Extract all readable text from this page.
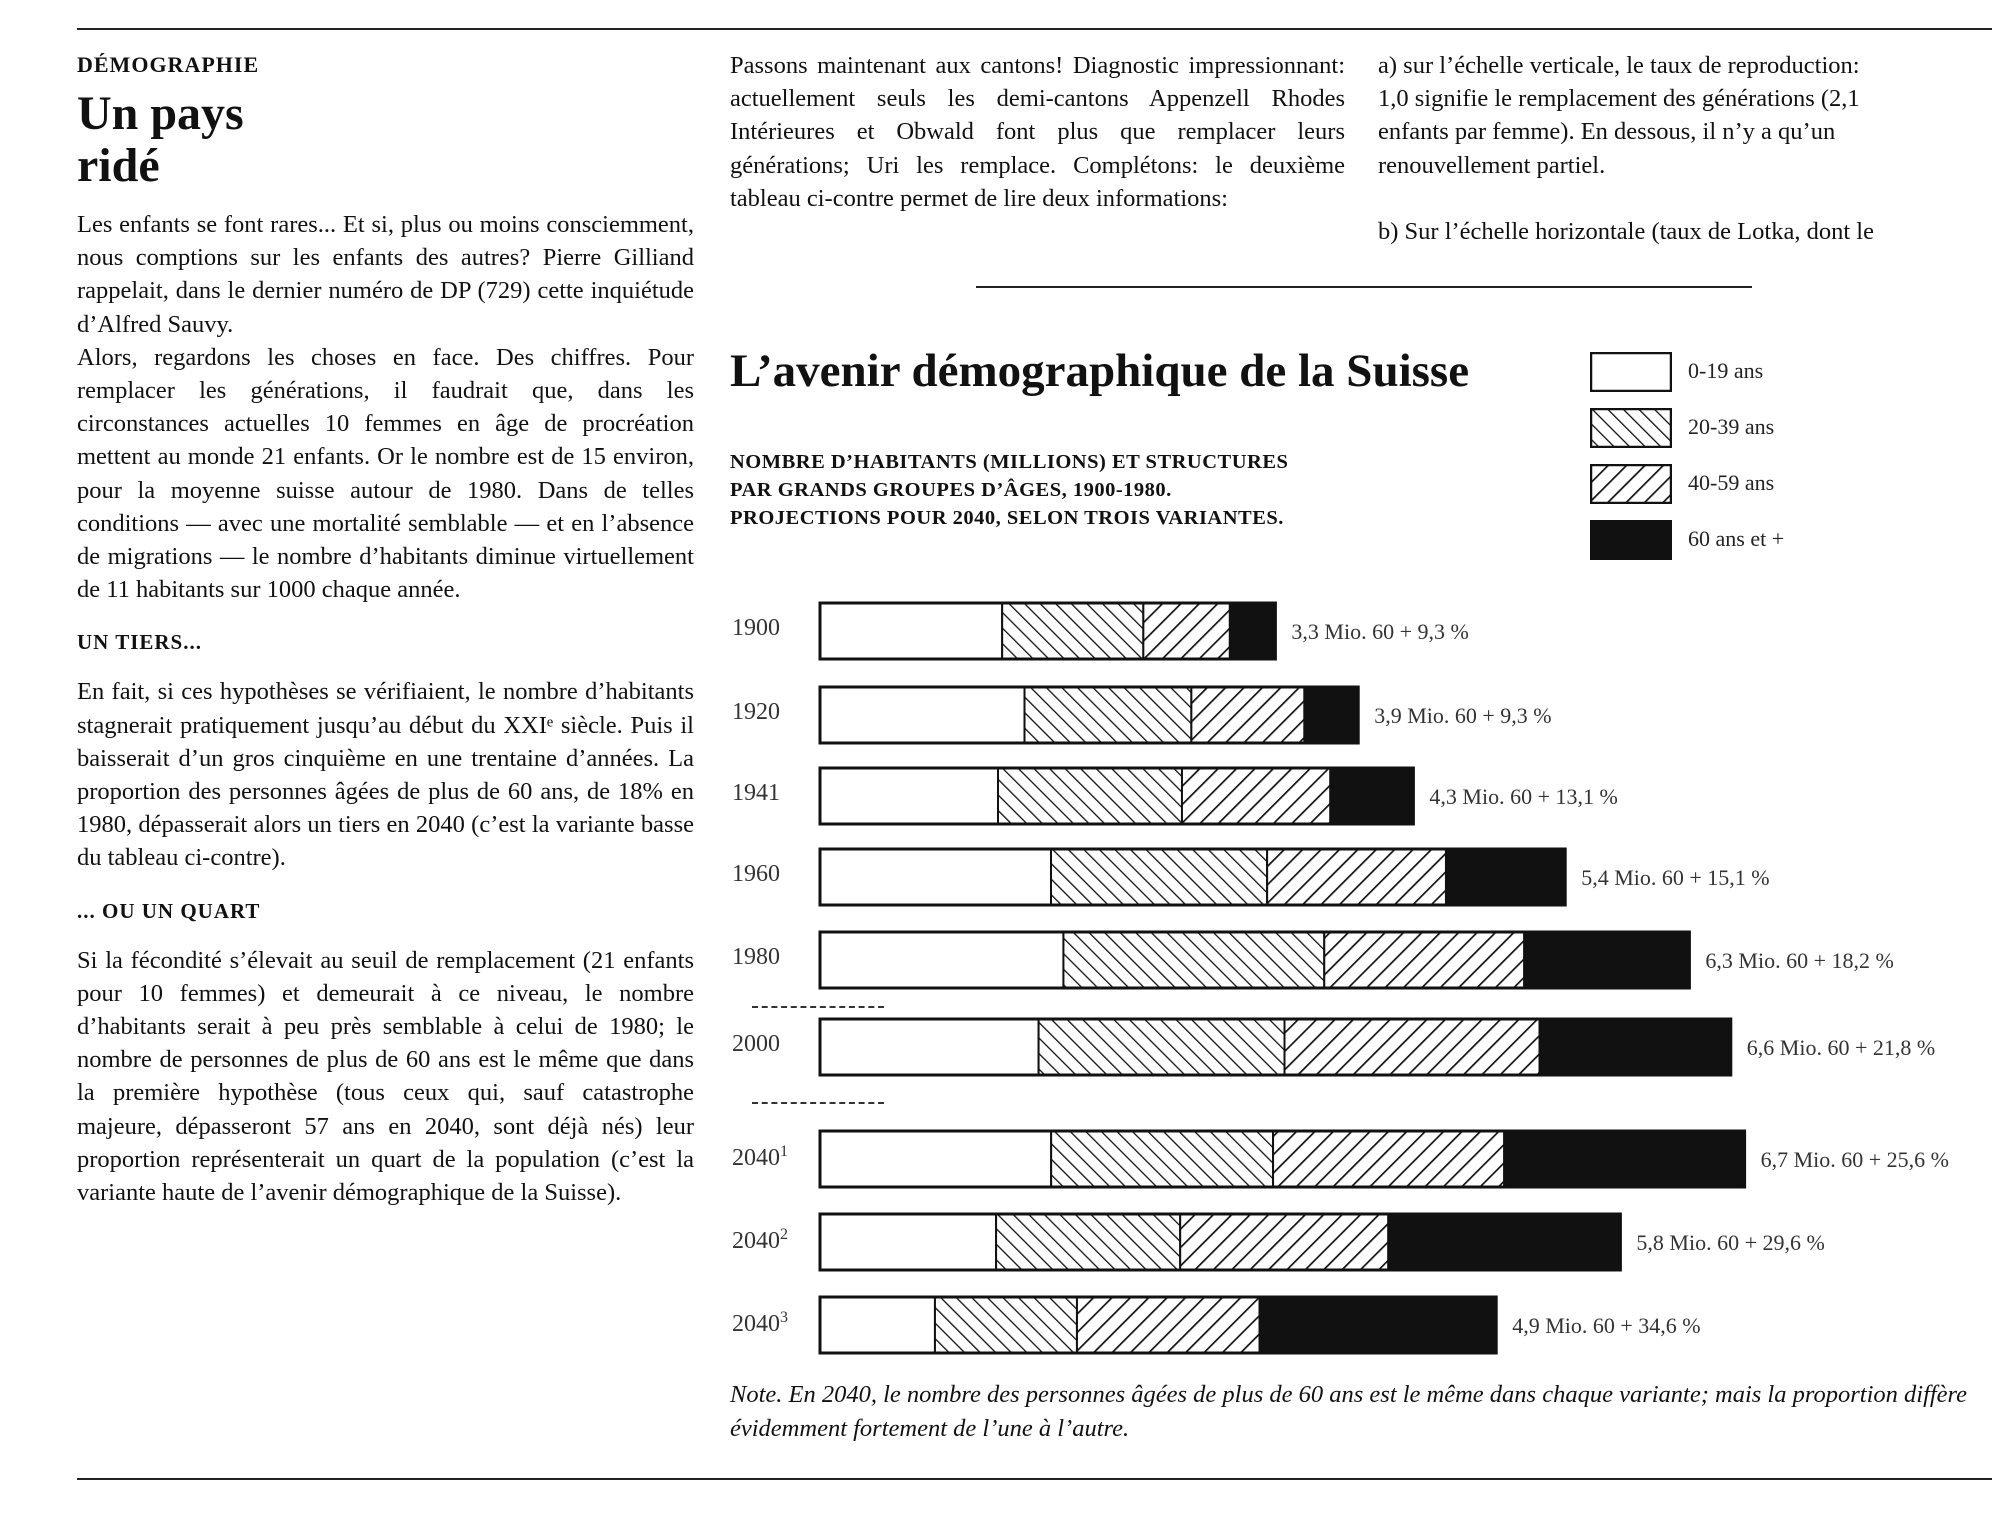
DÉMOGRAPHIE
Un pays
ridé

Les enfants se font rares... Et si, plus ou moins consciemment, nous comptions sur les enfants des autres? Pierre Gilliand rappelait, dans le dernier numéro de DP (729) cette inquiétude d’Alfred Sauvy.

Alors, regardons les choses en face. Des chiffres. Pour remplacer les générations, il faudrait que, dans les circonstances actuelles 10 femmes en âge de procréation mettent au monde 21 enfants. Or le nombre est de 15 environ, pour la moyenne suisse autour de 1980. Dans de telles conditions — avec une mortalité semblable — et en l’absence de migrations — le nombre d’habitants diminue virtuellement de 11 habitants sur 1000 chaque année.

UN TIERS...

En fait, si ces hypothèses se vérifiaient, le nombre d’habitants stagnerait pratiquement jusqu’au début du XXIᵉ siècle. Puis il baisserait d’un gros cinquième en une trentaine d’années. La proportion des personnes âgées de plus de 60 ans, de 18% en 1980, dépasserait alors un tiers en 2040 (c’est la variante basse du tableau ci-contre).

... OU UN QUART

Si la fécondité s’élevait au seuil de remplacement (21 enfants pour 10 femmes) et demeurait à ce niveau, le nombre d’habitants serait à peu près semblable à celui de 1980; le nombre de personnes de plus de 60 ans est le même que dans la première hypothèse (tous ceux qui, sauf catastrophe majeure, dépasseront 57 ans en 2040, sont déjà nés) leur proportion représenterait un quart de la population (c’est la variante haute de l’avenir démographique de la Suisse).

Passons maintenant aux cantons! Diagnostic impressionnant: actuellement seuls les demi-cantons Appenzell Rhodes Intérieures et Obwald font plus que remplacer leurs générations; Uri les remplace. Complétons: le deuxième tableau ci-contre permet de lire deux informations:

a) sur l’échelle verticale, le taux de reproduction:

1,0 signifie le remplacement des générations (2,1

enfants par femme). En dessous, il n’y a qu’un

renouvellement partiel.

b) Sur l’échelle horizontale (taux de Lotka, dont le

L’avenir démographique de la Suisse
NOMBRE D’HABITANTS (MILLIONS) ET STRUCTURES
PAR GRANDS GROUPES D’ÂGES, 1900-1980.
PROJECTIONS POUR 2040, SELON TROIS VARIANTES.
0-19 ans
20-39 ans
40-59 ans
60 ans et +
1900	3,3 Mio. 60 + 9,3 %
1920	3,9 Mio. 60 + 9,3 %
1941	4,3 Mio. 60 + 13,1 %
1960	5,4 Mio. 60 + 15,1 %
1980	6,3 Mio. 60 + 18,2 %
2000	6,6 Mio. 60 + 21,8 %
2040$^1$	6,7 Mio. 60 + 25,6 %
2040$^2$	5,8 Mio. 60 + 29,6 %
2040$^3$	4,9 Mio. 60 + 34,6 %
Note. En 2040, le nombre des personnes âgées de plus de 60 ans est le même dans chaque variante; mais la proportion diffère évidemment fortement de l’une à l’autre.
